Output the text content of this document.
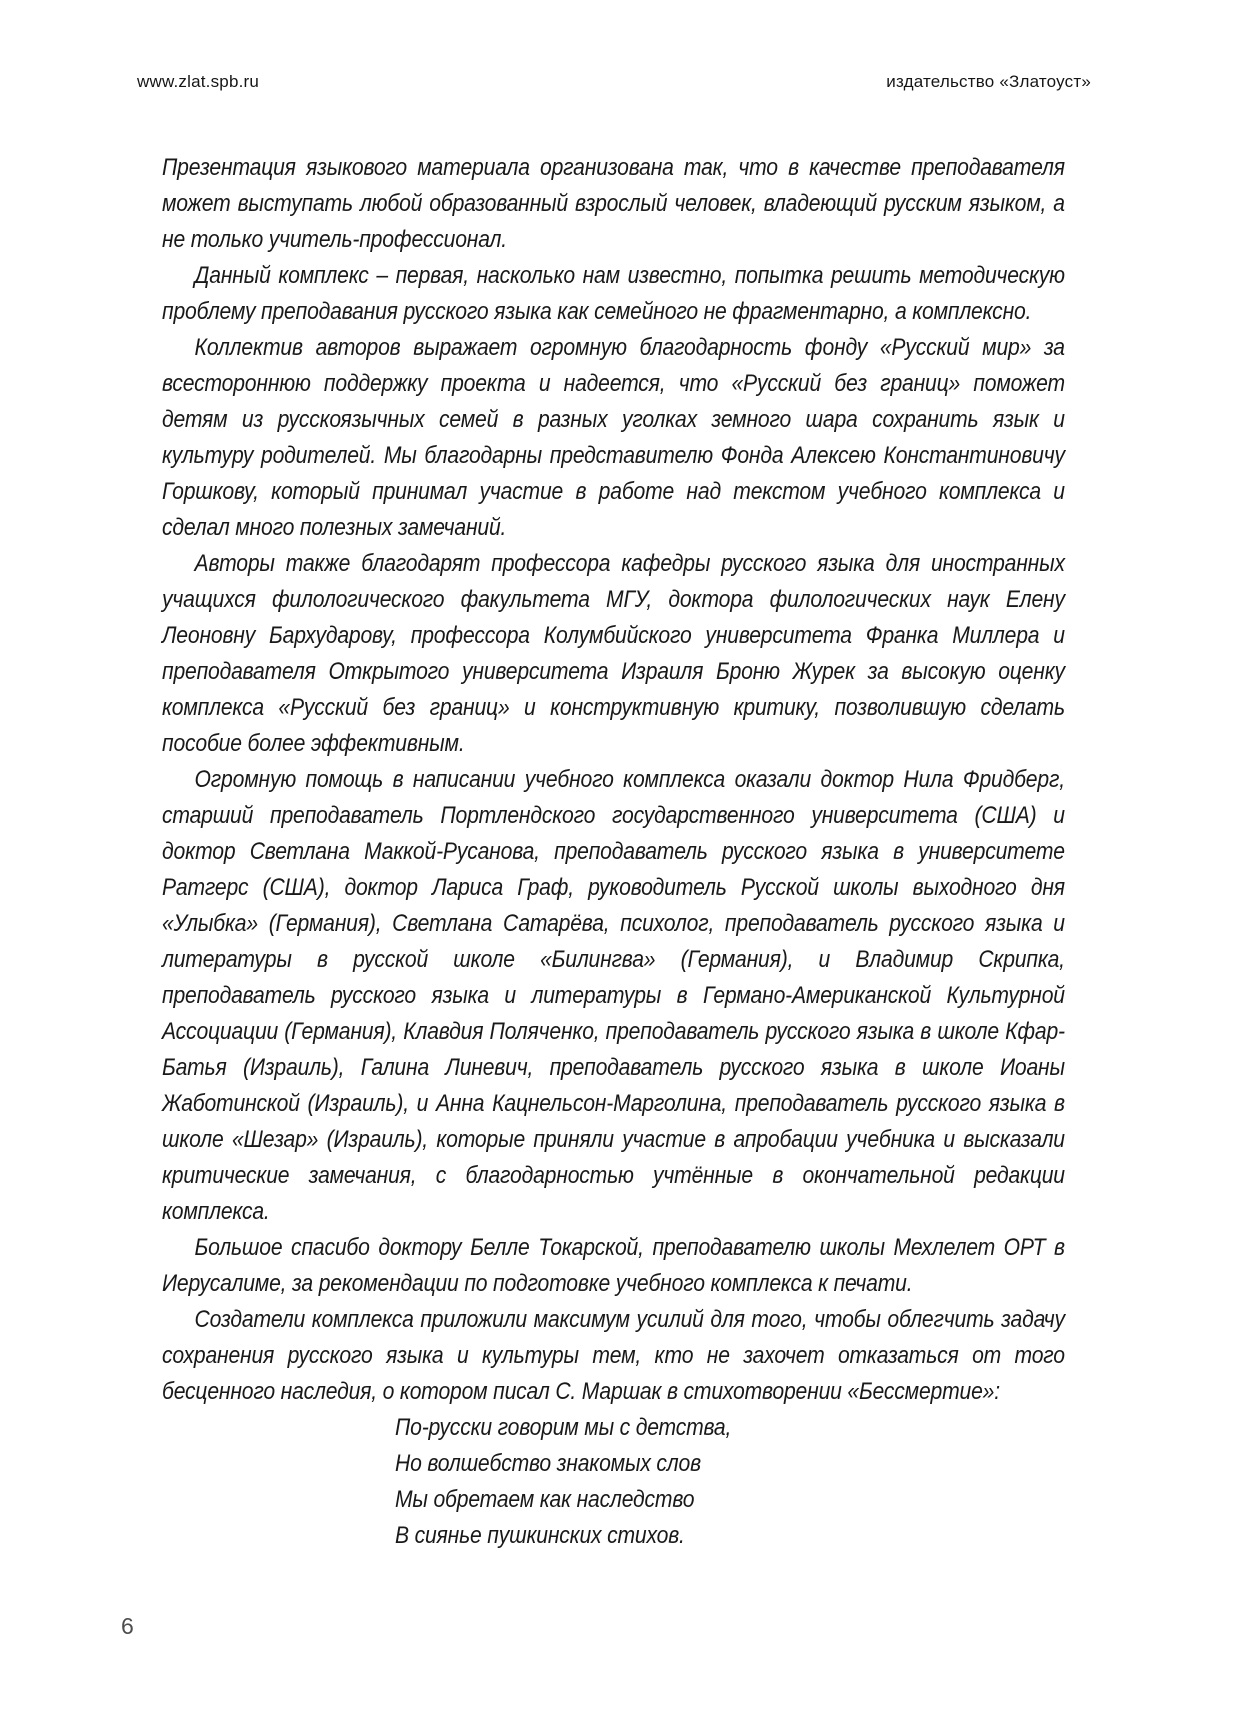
www.zlat.spb.ru	издательство «Златоуст»

Презентация языкового материала организована так, что в качестве преподавателя может выступать любой образованный взрослый человек, владеющий русским языком, а не только учитель-профессионал.

Данный комплекс – первая, насколько нам известно, попытка решить методическую проблему преподавания русского языка как семейного не фрагментарно, а комплексно.

Коллектив авторов выражает огромную благодарность фонду «Русский мир» за всестороннюю поддержку проекта и надеется, что «Русский без границ» поможет детям из русскоязычных семей в разных уголках земного шара сохранить язык и культуру родителей. Мы благодарны представителю Фонда Алексею Константиновичу Горшкову, который принимал участие в работе над текстом учебного комплекса и сделал много полезных замечаний.

Авторы также благодарят профессора кафедры русского языка для иностранных учащихся филологического факультета МГУ, доктора филологических наук Елену Леоновну Бархударову, профессора Колумбийского университета Франка Миллера и преподавателя Открытого университета Израиля Броню Журек за высокую оценку комплекса «Русский без границ» и конструктивную критику, позволившую сделать пособие более эффективным.

Огромную помощь в написании учебного комплекса оказали доктор Нила Фридберг, старший преподаватель Портлендского государственного университета (США) и доктор Светлана Маккой-Русанова, преподаватель русского языка в университете Ратгерс (США), доктор Лариса Граф, руководитель Русской школы выходного дня «Улыбка» (Германия), Светлана Сатарёва, психолог, преподаватель русского языка и литературы в русской школе «Билингва» (Германия), и Владимир Скрипка, преподаватель русского языка и литературы в Германо-Американской Культурной Ассоциации (Германия), Клавдия Поляченко, преподаватель русского языка в школе Кфар-Батья (Израиль), Галина Линевич, преподаватель русского языка в школе Иоаны Жаботинской (Израиль), и Анна Кацнельсон-Марголина, преподаватель русского языка в школе «Шезар» (Израиль), которые приняли участие в апробации учебника и высказали критические замечания, с благодарностью учтённые в окончательной редакции комплекса.

Большое спасибо доктору Белле Токарской, преподавателю школы Мехлелет ОРТ в Иерусалиме, за рекомендации по подготовке учебного комплекса к печати.

Создатели комплекса приложили максимум усилий для того, чтобы облегчить задачу сохранения русского языка и культуры тем, кто не захочет отказаться от того бесценного наследия, о котором писал С. Маршак в стихотворении «Бессмертие»:

По-русски говорим мы с детства,
Но волшебство знакомых слов
Мы обретаем как наследство
В сиянье пушкинских стихов.
6
